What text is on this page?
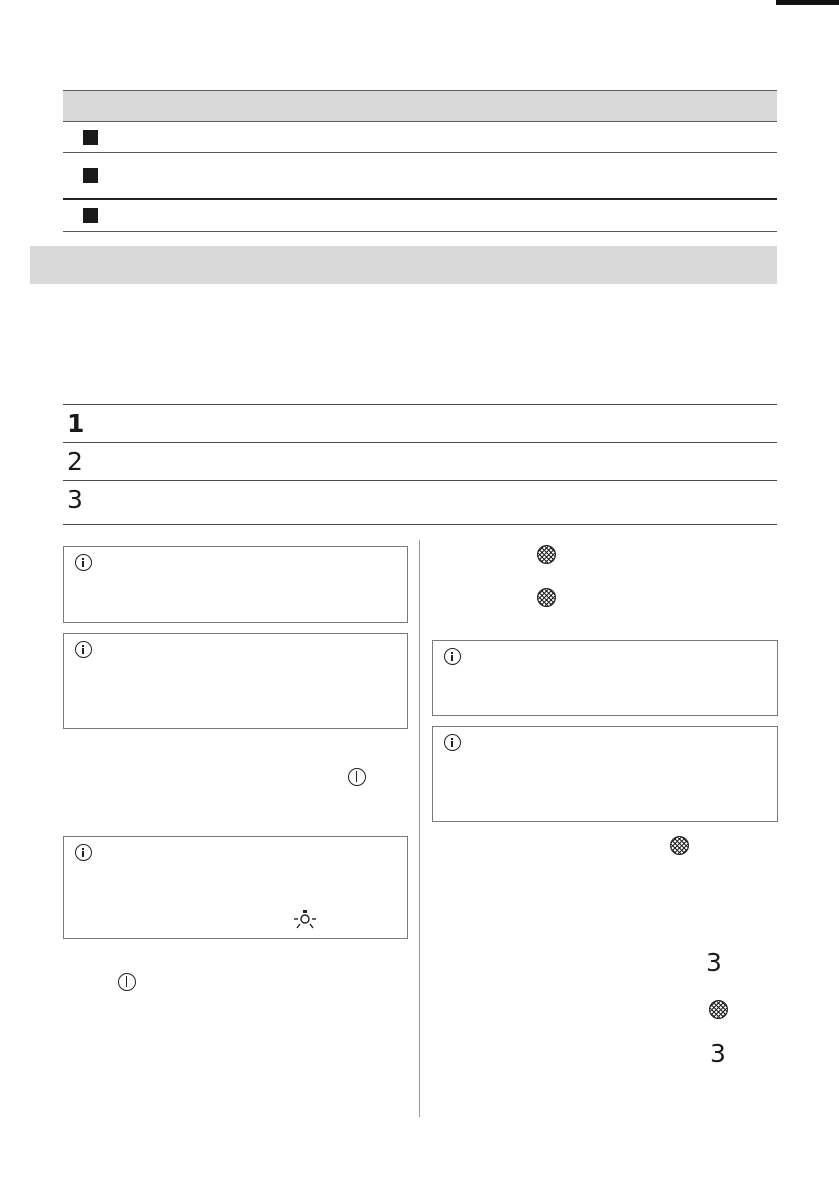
1
2
3
3
3
